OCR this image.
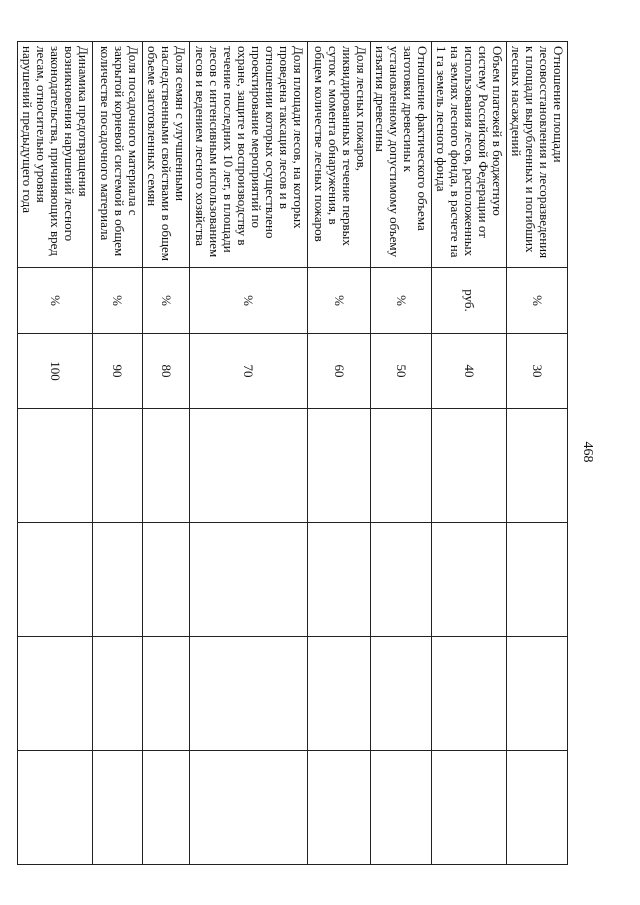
468
Отношение площади лесовосстановления и лесоразведения к площади вырубленных и погибших лесных насаждений	%	30				
Объем платежей в бюджетную систему Российской Федерации от использования лесов, расположенных на землях лесного фонда, в расчете на 1 га земель лесного фонда	руб.	40				
Отношение фактического объема заготовки древесины к установленному допустимому объему изъятия древесины	%	50				
Доля лесных пожаров, ликвидированных в течение первых суток с момента обнаружения, в общем количестве лесных пожаров	%	60				
Доля площади лесов, на которых проведена таксация лесов и в отношении которых осуществлено проектирование мероприятий по охране, защите и воспроизводству в течение последних 10 лет, в площади лесов с интенсивным использованием лесов и ведением лесного хозяйства	%	70				
Доля семян с улучшенными наследственными свойствами в общем объеме заготовленных семян	%	80				
Доля посадочного материала с закрытой корневой системой в общем количестве посадочного материала	%	90				
Динамика предотвращения возникновения нарушений лесного законодательства, причиняющих вред лесам, относительно уровня нарушений предыдущего года	%	100				
